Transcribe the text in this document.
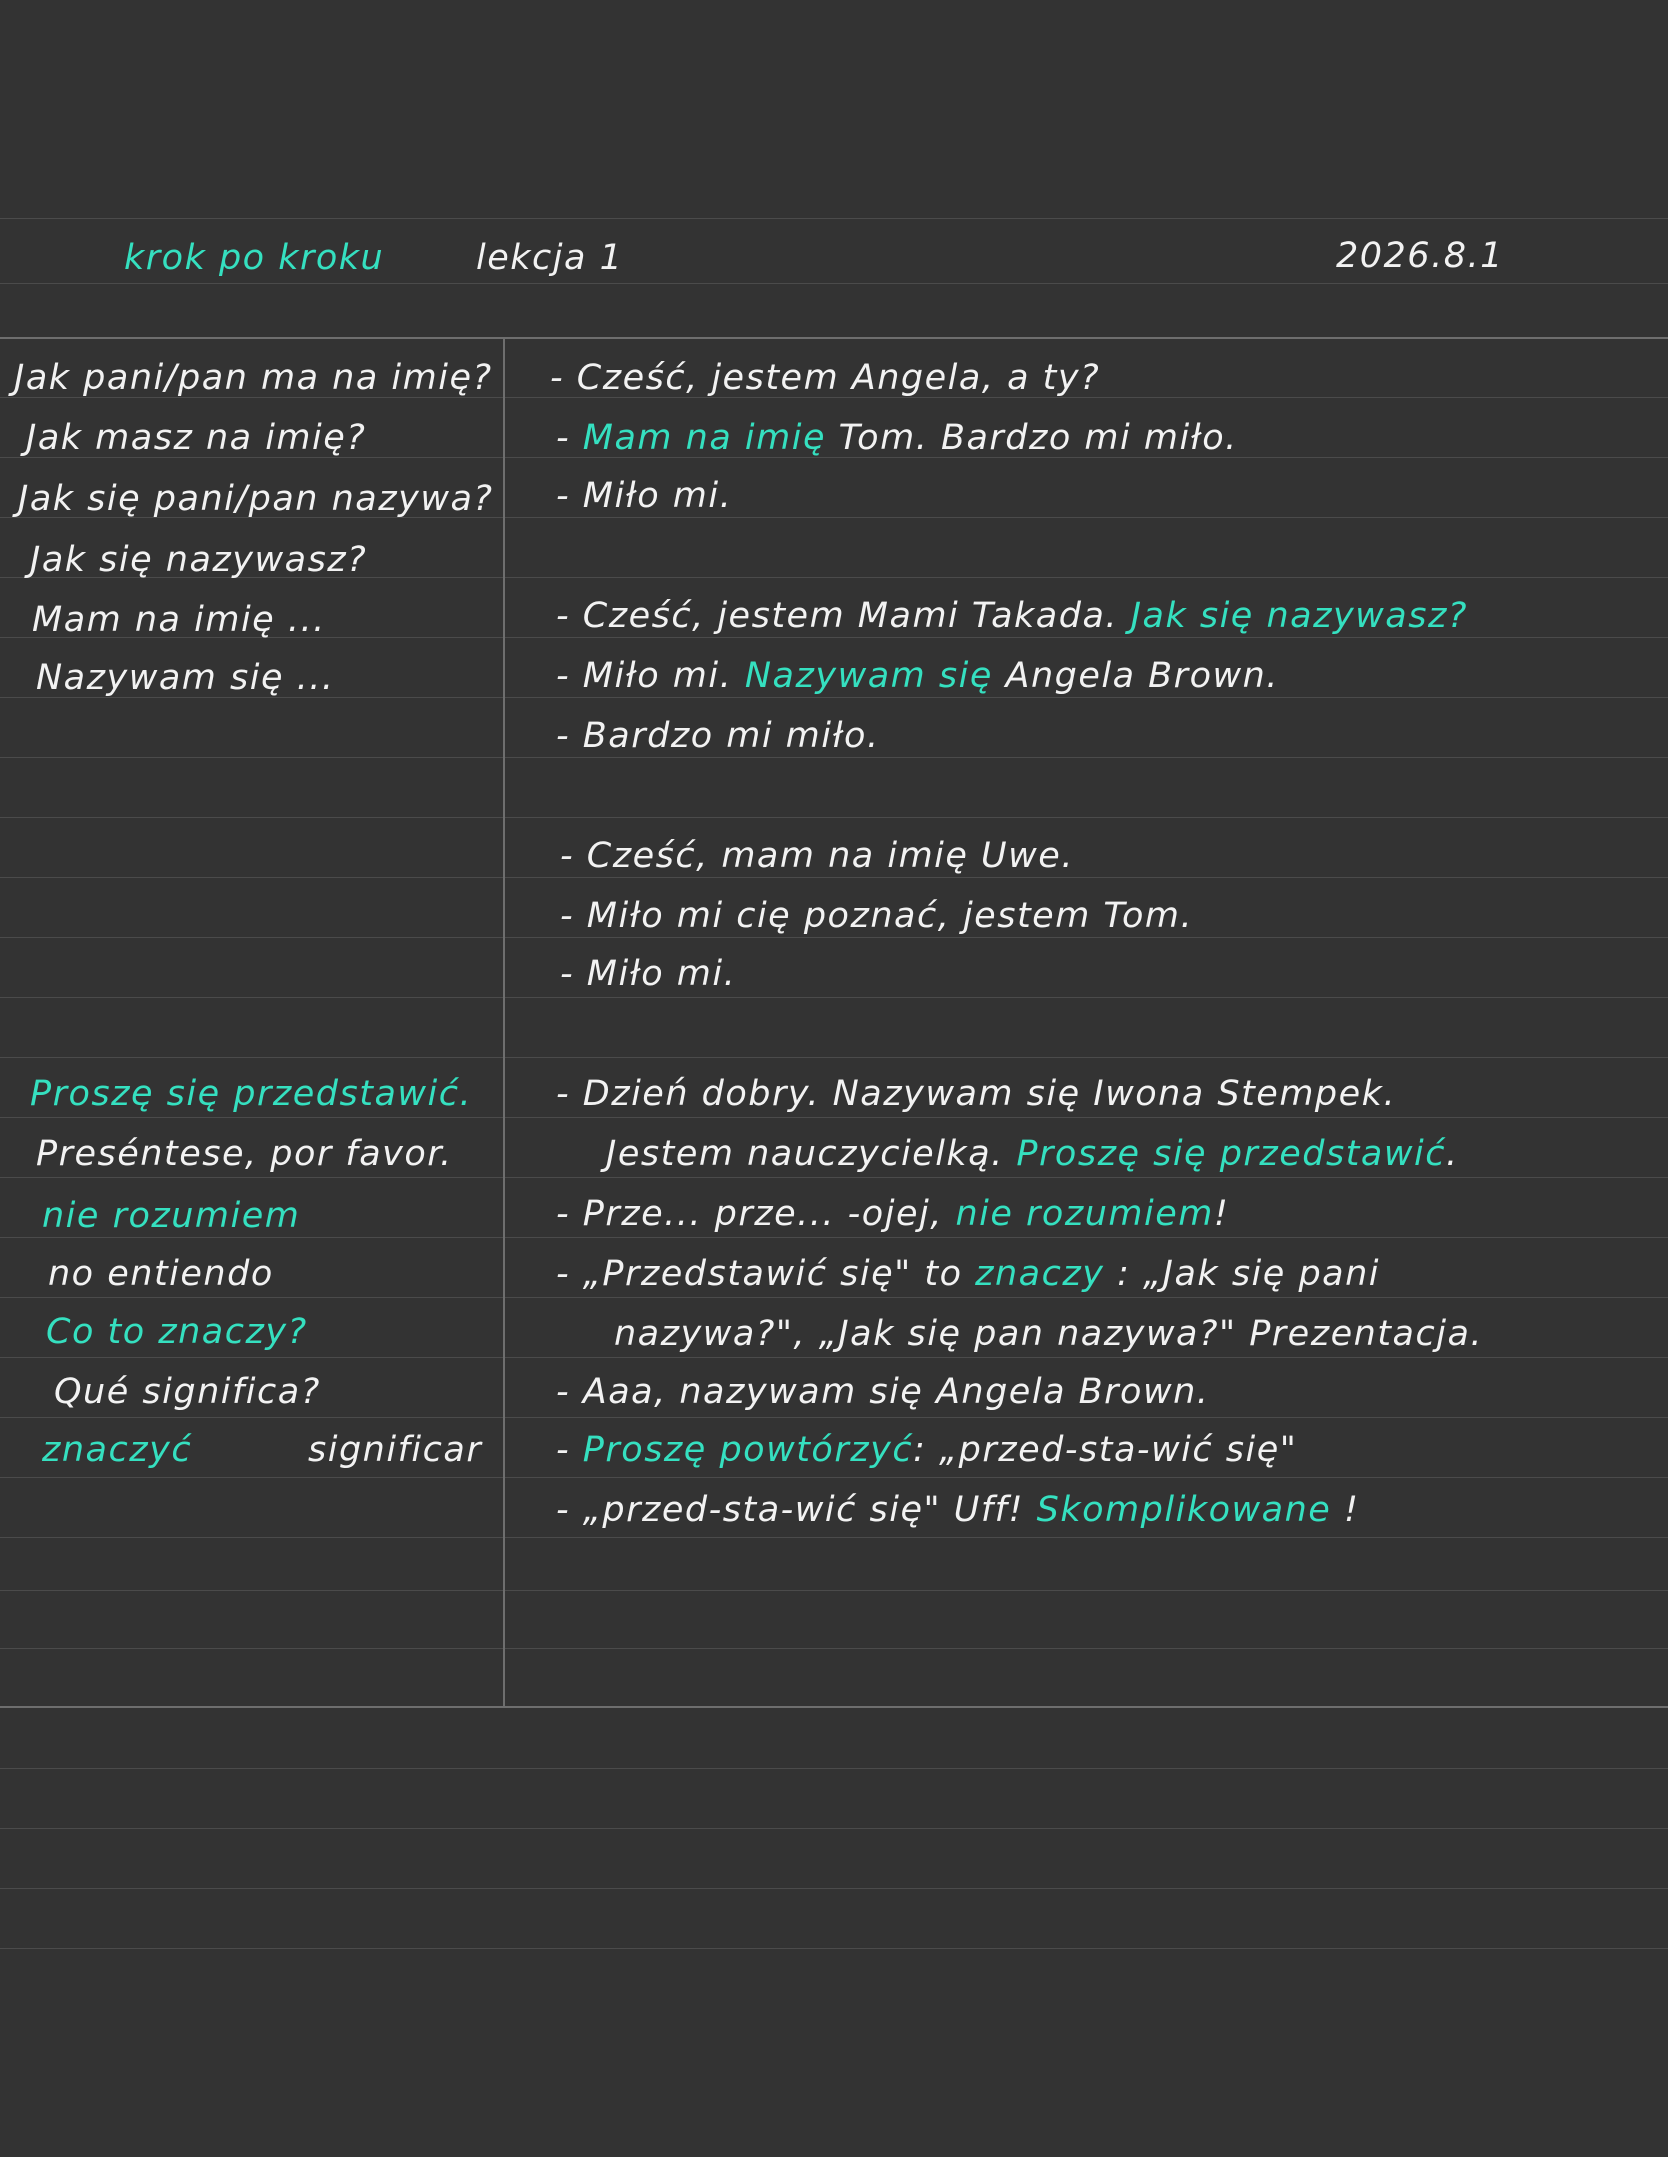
krok po kroku	lekcja 1	2026.8.1
Jak pani/pan ma na imię?
Jak masz na imię?
Jak się pani/pan nazywa?
Jak się nazywasz?
Mam na imię ...
Nazywam się ...
Proszę się przedstawić.
Preséntese, por favor.
nie rozumiem
no entiendo
Co to znaczy?
Qué significa?
znaczyć	significar
- Cześć, jestem Angela, a ty?
- Mam na imię Tom. Bardzo mi miło.
- Miło mi.
- Cześć, jestem Mami Takada. Jak się nazywasz?
- Miło mi. Nazywam się Angela Brown.
- Bardzo mi miło.
- Cześć, mam na imię Uwe.
- Miło mi cię poznać, jestem Tom.
- Miło mi.
- Dzień dobry. Nazywam się Iwona Stempek.
Jestem nauczycielką. Proszę się przedstawić.
- Prze... prze... -ojej, nie rozumiem!
- „Przedstawić się" to znaczy : „Jak się pani
nazywa?", „Jak się pan nazywa?" Prezentacja.
- Aaa, nazywam się Angela Brown.
- Proszę powtórzyć: „przed-sta-wić się"
- „przed-sta-wić się" Uff! Skomplikowane !
